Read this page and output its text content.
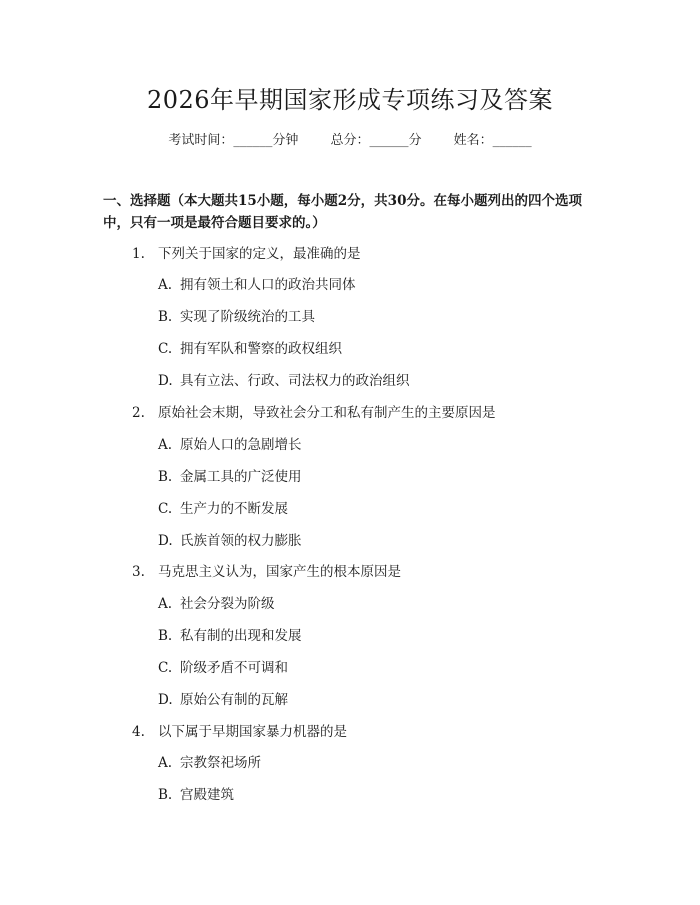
2026年早期国家形成专项练习及答案
考试时间：______分钟 总分：______分 姓名：______
一、选择题（本大题共15小题，每小题2分，共30分。在每小题列出的四个选项中，只有一项是最符合题目要求的。）
1. 下列关于国家的定义，最准确的是
A. 拥有领土和人口的政治共同体
B. 实现了阶级统治的工具
C. 拥有军队和警察的政权组织
D. 具有立法、行政、司法权力的政治组织
2. 原始社会末期，导致社会分工和私有制产生的主要原因是
A. 原始人口的急剧增长
B. 金属工具的广泛使用
C. 生产力的不断发展
D. 氏族首领的权力膨胀
3. 马克思主义认为，国家产生的根本原因是
A. 社会分裂为阶级
B. 私有制的出现和发展
C. 阶级矛盾不可调和
D. 原始公有制的瓦解
4. 以下属于早期国家暴力机器的是
A. 宗教祭祀场所
B. 宫殿建筑
